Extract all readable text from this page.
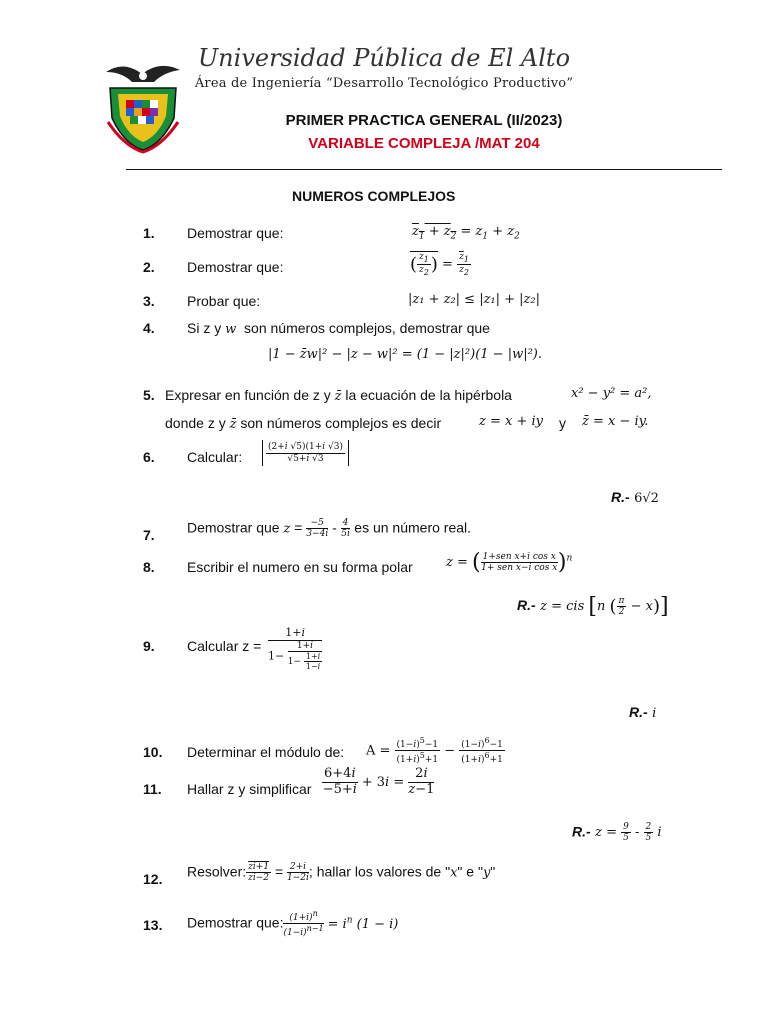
Universidad Pública de El Alto
Área de Ingeniería “Desarrollo Tecnológico Productivo”
PRIMER PRACTICA GENERAL (II/2023)
VARIABLE COMPLEJA /MAT 204
NUMEROS COMPLEJOS
1. Demostrar que:	$z_1 + z_2 = z_1 + z_2$
2. Demostrar que:	( $\frac{z_1}{z_2}$ ) = $\frac{\overline{z}_1}{\overline{z}_2}$
3. Probar que:	|z₁ + z₂| ≤ |z₁| + |z₂|
4. Si z y w son números complejos, demostrar que
|1 − z̄w|² − |z − w|² = (1 − |z|²)(1 − |w|²).
5. Expresar en función de z y z̄ la ecuación de la hipérbola	x² − y² = a²,
donde z y z̄ son números complejos es decir	z = x + iy y z̄ = x − iy.
6. Calcular: $\frac{(2+i √5)(1+i √3)}{√5+i √3}$
R.- 6√2
7. Demostrar que $z = \frac{-5}{3-4i} - \frac{4}{5i}$ es un número real.
8. Escribir el numero en su forma polar	z = ( $\frac{\text{1+sen x+i cos x}}{\text{1+ sen x−i cos x}} )^n$
R.- z = cis [n ( $\frac{\pi}{2} - x$)]
9. Calcular $z = \frac{1+i}{1- \frac{1+i}{1- \frac{1+i}{1-i}}}$
R.- i
10. Determinar el módulo de: $A = \frac{(1-i)^5-1}{(1+i)^5+1} - \frac{(1-i)^6-1}{(1+i)^6+1}$
11. Hallar z y simplificar $\frac{6+4i}{-5+i} + 3i = \frac{2i}{z-1}$
R.- $z = \frac{9}{5} - \frac{2}{5}$ i
12. Resolver: $\frac{zi+1}{\overline{z}i-2} = \frac{2+i}{1-2i}$ ; hallar los valores de "x" e "y"
13. Demostrar que: $\frac{(1+i)^n}{(1-i)^{n-1}} = i^n$ (1 − i)
